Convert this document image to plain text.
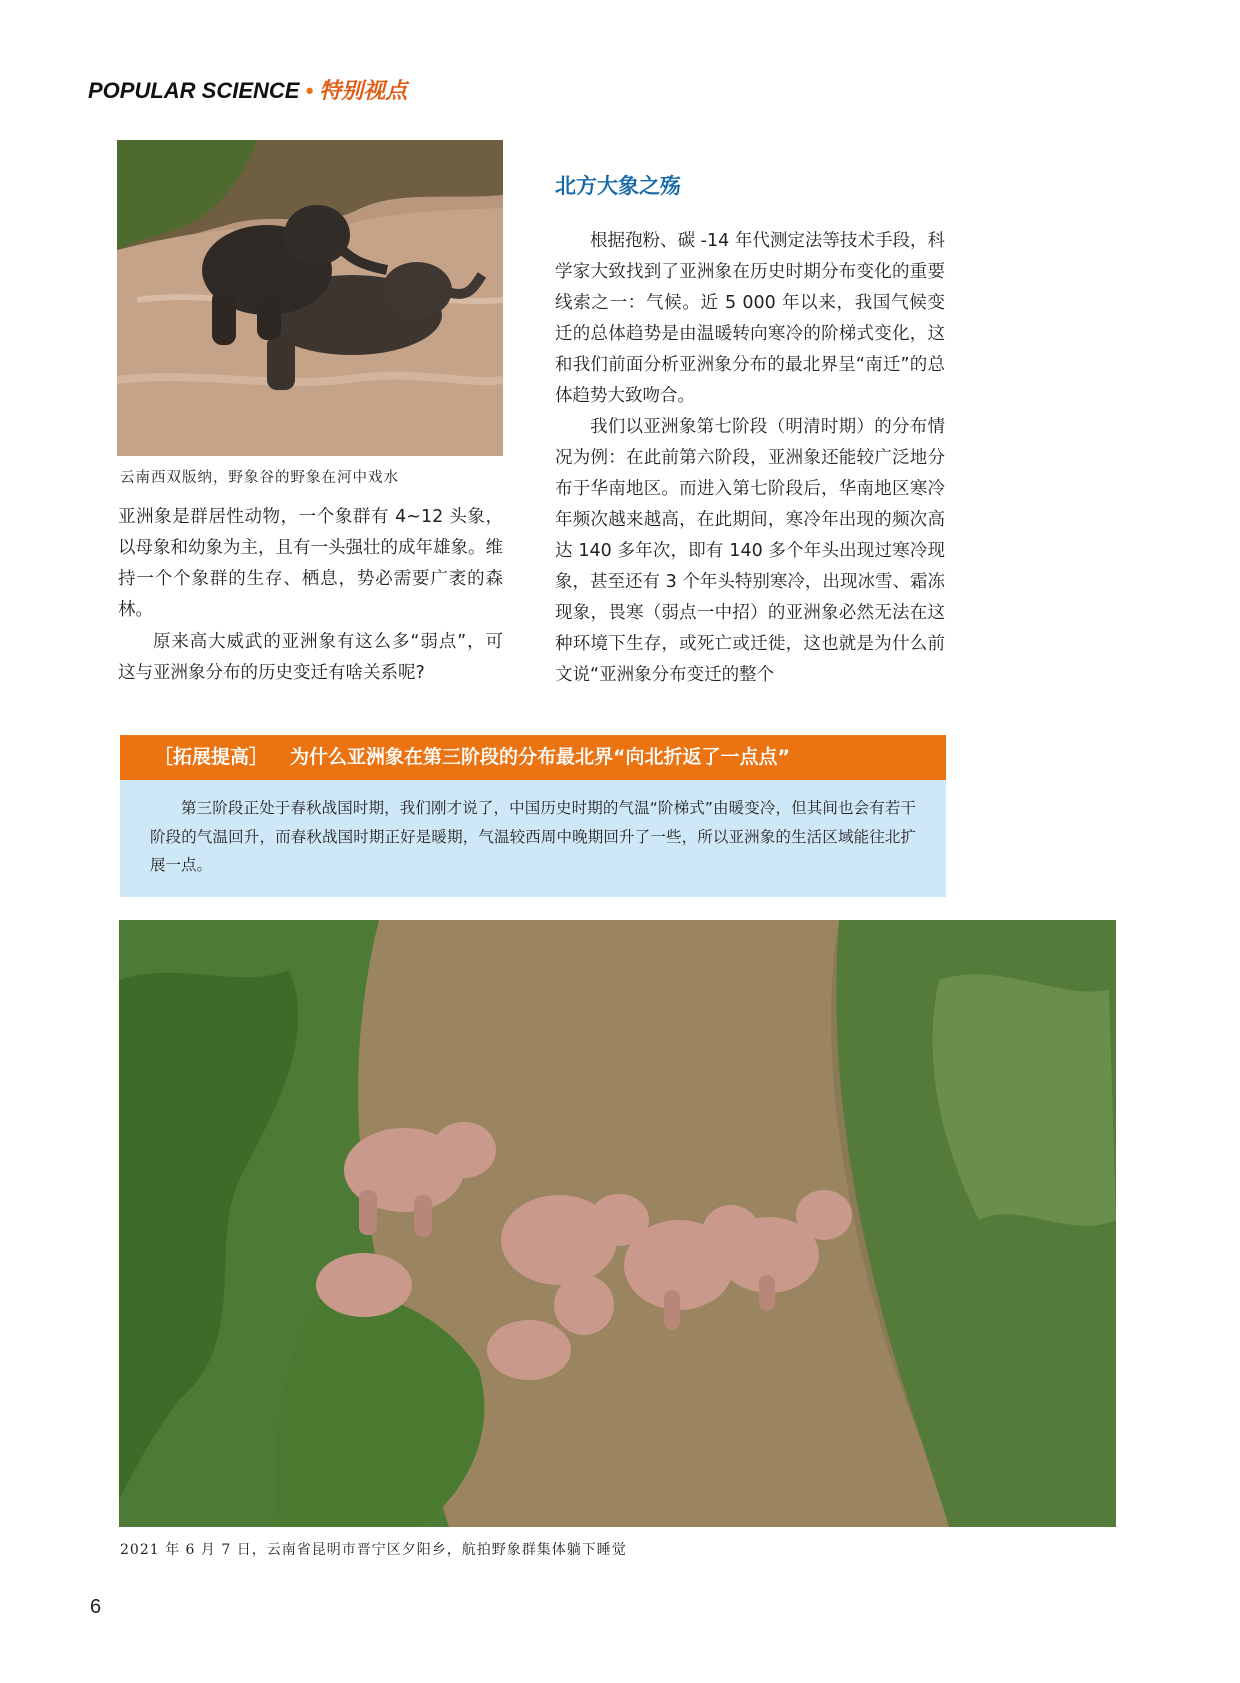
POPULAR SCIENCE • 特别视点
云南西双版纳，野象谷的野象在河中戏水

亚洲象是群居性动物，一个象群有 4~12 头象，以母象和幼象为主，且有一头强壮的成年雄象。维持一个个象群的生存、栖息，势必需要广袤的森林。

原来高大威武的亚洲象有这么多“弱点”，可这与亚洲象分布的历史变迁有啥关系呢?

北方大象之殇

根据孢粉、碳 -14 年代测定法等技术手段，科学家大致找到了亚洲象在历史时期分布变化的重要线索之一：气候。近 5 000 年以来，我国气候变迁的总体趋势是由温暖转向寒冷的阶梯式变化，这和我们前面分析亚洲象分布的最北界呈“南迁”的总体趋势大致吻合。

我们以亚洲象第七阶段（明清时期）的分布情况为例：在此前第六阶段，亚洲象还能较广泛地分布于华南地区。而进入第七阶段后，华南地区寒冷年频次越来越高，在此期间，寒冷年出现的频次高达 140 多年次，即有 140 多个年头出现过寒冷现象，甚至还有 3 个年头特别寒冷，出现冰雪、霜冻现象，畏寒（弱点一中招）的亚洲象必然无法在这种环境下生存，或死亡或迁徙，这也就是为什么前文说“亚洲象分布变迁的整个

［拓展提高］ 为什么亚洲象在第三阶段的分布最北界“向北折返了一点点”

第三阶段正处于春秋战国时期，我们刚才说了，中国历史时期的气温“阶梯式”由暖变冷，但其间也会有若干阶段的气温回升，而春秋战国时期正好是暖期，气温较西周中晚期回升了一些，所以亚洲象的生活区域能往北扩展一点。

2021 年 6 月 7 日，云南省昆明市晋宁区夕阳乡，航拍野象群集体躺下睡觉
6
